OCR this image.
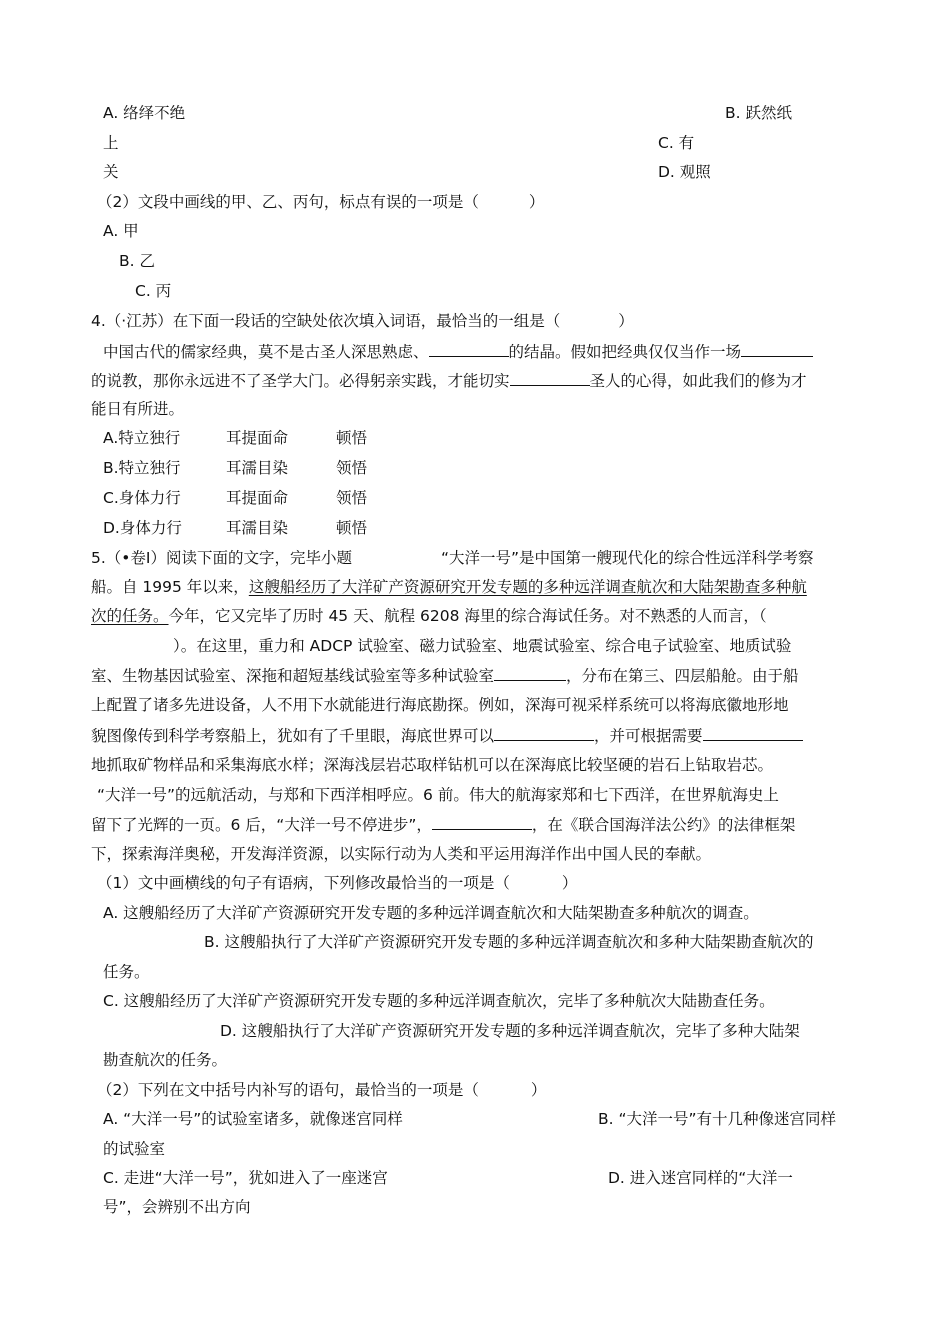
A. 络绎不绝	B. 跃然纸
上	C. 有
关	D. 观照
（2）文段中画线的甲、乙、丙句，标点有误的一项是（	）
A. 甲
B. 乙
C. 丙
4.（·江苏）在下面一段话的空缺处依次填入词语，最恰当的一组是（	）
中国古代的儒家经典，莫不是古圣人深思熟虑、	的结晶。假如把经典仅仅当作一场
的说教，那你永远进不了圣学大门。必得躬亲实践，才能切实	圣人的心得，如此我们的修为才
能日有所进。
A.特立独行	耳提面命	顿悟
B.特立独行	耳濡目染	领悟
C.身体力行	耳提面命	领悟
D.身体力行	耳濡目染	顿悟
5.（•卷Ⅰ）阅读下面的文字，完毕小题	“大洋一号”是中国第一艘现代化的综合性远洋科学考察
船。自 1995 年以来，这艘船经历了大洋矿产资源研究开发专题的多种远洋调查航次和大陆架勘查多种航
次的任务。今年，它又完毕了历时 45 天、航程 6208 海里的综合海试任务。对不熟悉的人而言，（
）。在这里，重力和 ADCP 试验室、磁力试验室、地震试验室、综合电子试验室、地质试验
室、生物基因试验室、深拖和超短基线试验室等多种试验室	，分布在第三、四层船舱。由于船
上配置了诸多先进设备，人不用下水就能进行海底勘探。例如，深海可视采样系统可以将海底徽地形地
貌图像传到科学考察船上，犹如有了千里眼，海底世界可以	，并可根据需要
地抓取矿物样品和采集海底水样；深海浅层岩芯取样钻机可以在深海底比较坚硬的岩石上钻取岩芯。
“大洋一号”的远航活动，与郑和下西洋相呼应。6 前。伟大的航海家郑和七下西洋，在世界航海史上
留下了光辉的一页。6 后，“大洋一号不停进步”，	，在《联合国海洋法公约》的法律框架
下，探索海洋奥秘，开发海洋资源，以实际行动为人类和平运用海洋作出中国人民的奉献。
（1）文中画横线的句子有语病，下列修改最恰当的一项是（	）
A. 这艘船经历了大洋矿产资源研究开发专题的多种远洋调查航次和大陆架勘查多种航次的调查。
B. 这艘船执行了大洋矿产资源研究开发专题的多种远洋调查航次和多种大陆架勘查航次的
任务。
C. 这艘船经历了大洋矿产资源研究开发专题的多种远洋调查航次，完毕了多种航次大陆勘查任务。
D. 这艘船执行了大洋矿产资源研究开发专题的多种远洋调查航次，完毕了多种大陆架
勘查航次的任务。
（2）下列在文中括号内补写的语句，最恰当的一项是（	）
A. “大洋一号”的试验室诸多，就像迷宫同样	B. “大洋一号”有十几种像迷宫同样
的试验室
C. 走进“大洋一号”，犹如进入了一座迷宫	D. 进入迷宫同样的“大洋一
号”，会辨别不出方向
